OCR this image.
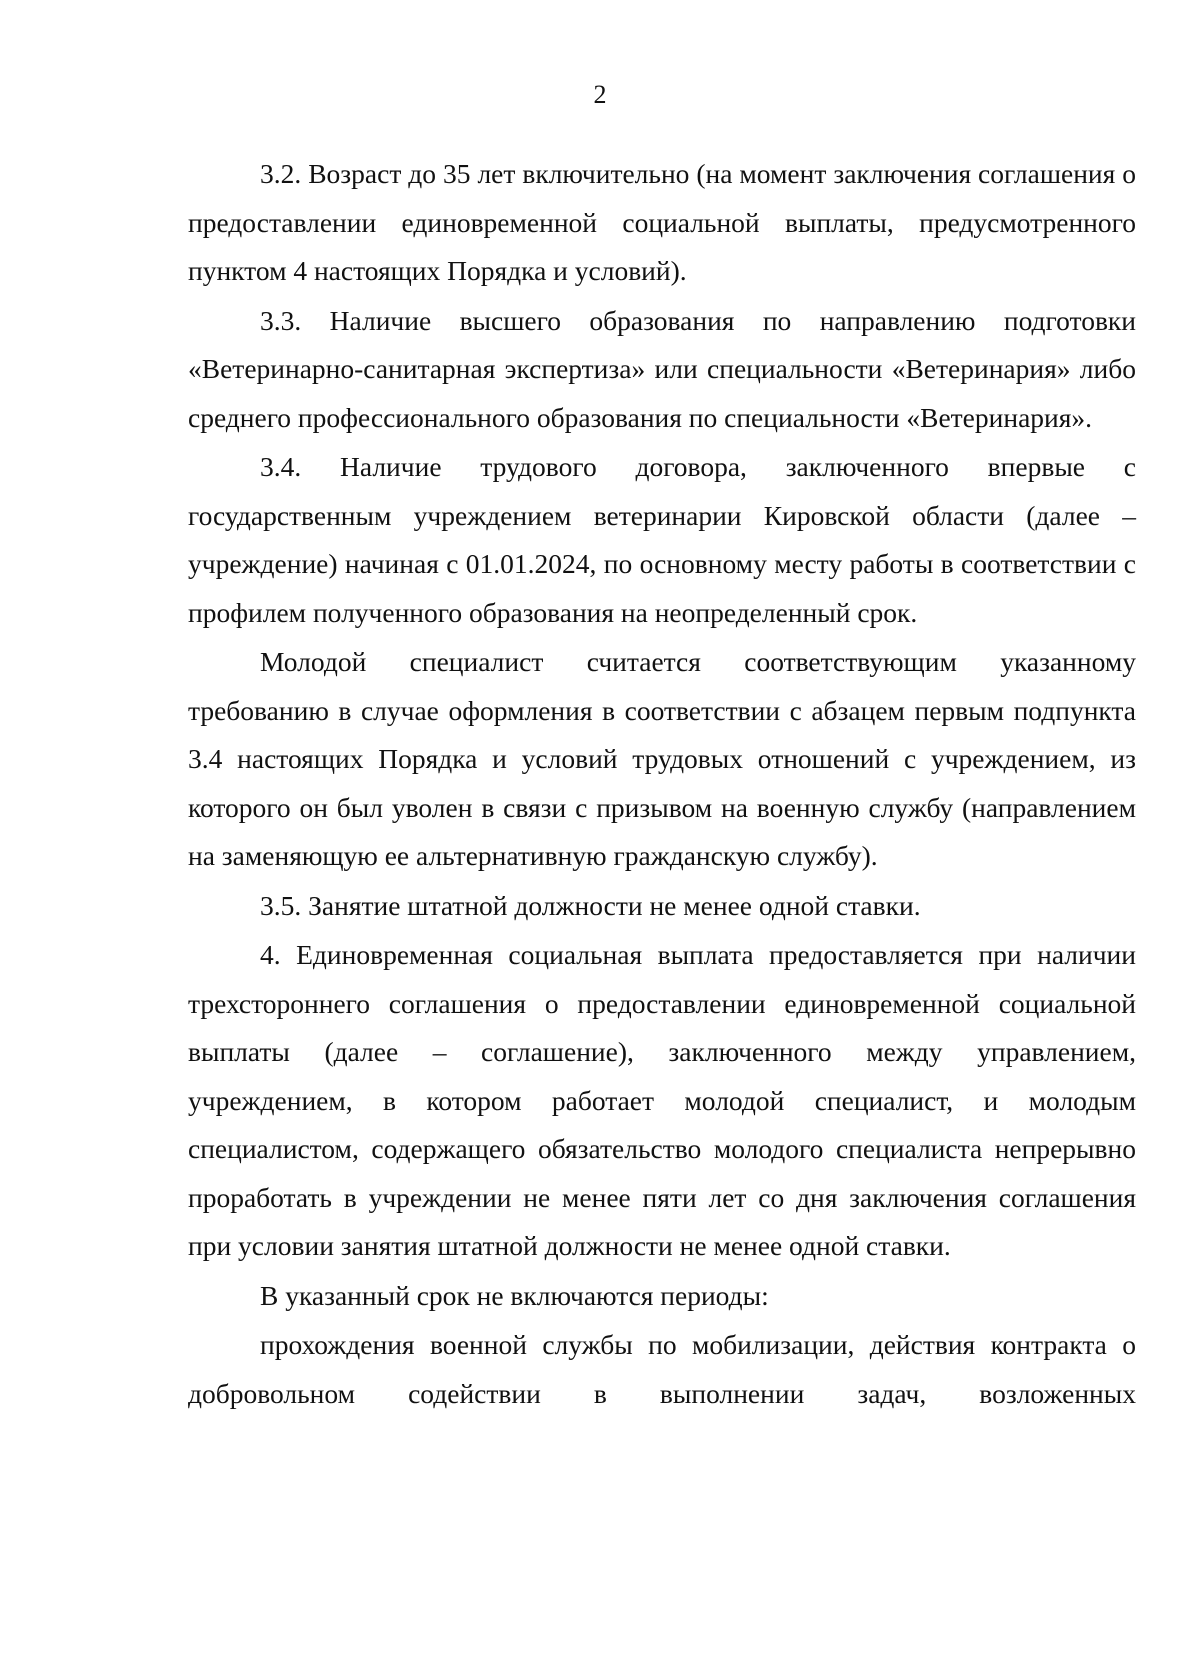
2

3.2. Возраст до 35 лет включительно (на момент заключения соглашения о предоставлении единовременной социальной выплаты, предусмотренного пунктом 4 настоящих Порядка и условий).

3.3. Наличие высшего образования по направлению подготовки «Ветеринарно-санитарная экспертиза» или специальности «Ветеринария» либо среднего профессионального образования по специальности «Ветеринария».

3.4. Наличие трудового договора, заключенного впервые с государственным учреждением ветеринарии Кировской области (далее – учреждение) начиная с 01.01.2024, по основному месту работы в соответствии с профилем полученного образования на неопределенный срок.

Молодой специалист считается соответствующим указанному требованию в случае оформления в соответствии с абзацем первым подпункта 3.4 настоящих Порядка и условий трудовых отношений с учреждением, из которого он был уволен в связи с призывом на военную службу (направлением на заменяющую ее альтернативную гражданскую службу).

3.5. Занятие штатной должности не менее одной ставки.

4. Единовременная социальная выплата предоставляется при наличии трехстороннего соглашения о предоставлении единовременной социальной выплаты (далее – соглашение), заключенного между управлением, учреждением, в котором работает молодой специалист, и молодым специалистом, содержащего обязательство молодого специалиста непрерывно проработать в учреждении не менее пяти лет со дня заключения соглашения при условии занятия штатной должности не менее одной ставки.

В указанный срок не включаются периоды:

прохождения военной службы по мобилизации, действия контракта о добровольном содействии в выполнении задач, возложенных
